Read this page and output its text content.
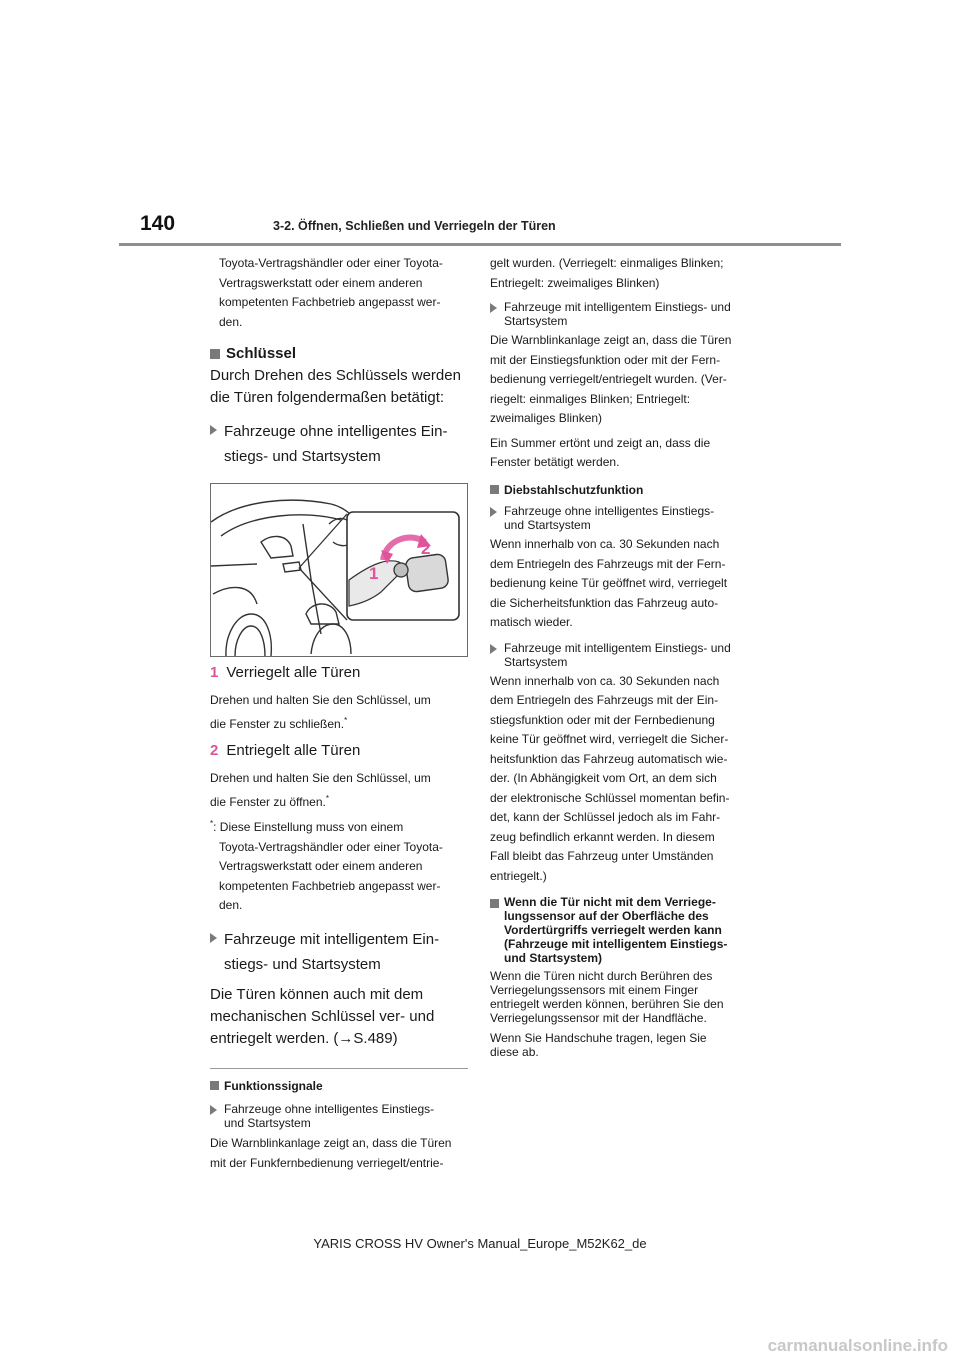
140	3-2. Öffnen, Schließen und Verriegeln der Türen

Toyota-Vertragshändler oder einer Toyota-

Vertragswerkstatt oder einem anderen

kompetenten Fachbetrieb angepasst wer-

den.

Schlüssel

Durch Drehen des Schlüssels werden

die Türen folgendermaßen betätigt:

Fahrzeuge ohne intelligentes Ein-
stiegs- und Startsystem
2
1
1 Verriegelt alle Türen

Drehen und halten Sie den Schlüssel, um

die Fenster zu schließen.*

2 Entriegelt alle Türen

Drehen und halten Sie den Schlüssel, um

die Fenster zu öffnen.*

*: Diese Einstellung muss von einem

Toyota-Vertragshändler oder einer Toyota-

Vertragswerkstatt oder einem anderen

kompetenten Fachbetrieb angepasst wer-

den.

Fahrzeuge mit intelligentem Ein-
stiegs- und Startsystem

Die Türen können auch mit dem

mechanischen Schlüssel ver- und

entriegelt werden. (→S.489)

Funktionssignale
Fahrzeuge ohne intelligentes Einstiegs-
und Startsystem

Die Warnblinkanlage zeigt an, dass die Türen

mit der Funkfernbedienung verriegelt/entrie-

gelt wurden. (Verriegelt: einmaliges Blinken;

Entriegelt: zweimaliges Blinken)

Fahrzeuge mit intelligentem Einstiegs- und
Startsystem

Die Warnblinkanlage zeigt an, dass die Türen

mit der Einstiegsfunktion oder mit der Fern-

bedienung verriegelt/entriegelt wurden. (Ver-

riegelt: einmaliges Blinken; Entriegelt:

zweimaliges Blinken)

Ein Summer ertönt und zeigt an, dass die

Fenster betätigt werden.

Diebstahlschutzfunktion
Fahrzeuge ohne intelligentes Einstiegs-
und Startsystem

Wenn innerhalb von ca. 30 Sekunden nach

dem Entriegeln des Fahrzeugs mit der Fern-

bedienung keine Tür geöffnet wird, verriegelt

die Sicherheitsfunktion das Fahrzeug auto-

matisch wieder.

Fahrzeuge mit intelligentem Einstiegs- und
Startsystem

Wenn innerhalb von ca. 30 Sekunden nach

dem Entriegeln des Fahrzeugs mit der Ein-

stiegsfunktion oder mit der Fernbedienung

keine Tür geöffnet wird, verriegelt die Sicher-

heitsfunktion das Fahrzeug automatisch wie-

der. (In Abhängigkeit vom Ort, an dem sich

der elektronische Schlüssel momentan befin-

det, kann der Schlüssel jedoch als im Fahr-

zeug befindlich erkannt werden. In diesem

Fall bleibt das Fahrzeug unter Umständen

entriegelt.)

Wenn die Tür nicht mit dem Verriege-
lungssensor auf der Oberfläche des
Vordertürgriffs verriegelt werden kann
(Fahrzeuge mit intelligentem Einstiegs-
und Startsystem)

Wenn die Türen nicht durch Berühren des

Verriegelungssensors mit einem Finger

entriegelt werden können, berühren Sie den

Verriegelungssensor mit der Handfläche.

Wenn Sie Handschuhe tragen, legen Sie

diese ab.

YARIS CROSS HV Owner's Manual_Europe_M52K62_de
carmanualsonline.info
